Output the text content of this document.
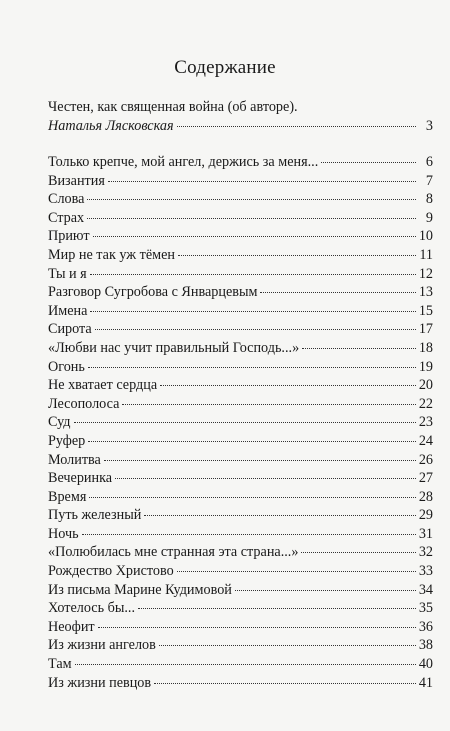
Содержание
Честен, как священная война (об авторе).
Наталья Лясковская	3
Только крепче, мой ангел, держись за меня...	6
Византия	7
Слова	8
Страх	9
Приют	10
Мир не так уж тёмен	11
Ты и я	12
Разговор Сугробова с Январцевым	13
Имена	15
Сирота	17
«Любви нас учит правильный Господь...»	18
Огонь	19
Не хватает сердца	20
Лесополоса	22
Суд	23
Руфер	24
Молитва	26
Вечеринка	27
Время	28
Путь железный	29
Ночь	31
«Полюбилась мне странная эта страна...»	32
Рождество Христово	33
Из письма Марине Кудимовой	34
Хотелось бы...	35
Неофит	36
Из жизни ангелов	38
Там	40
Из жизни певцов	41
